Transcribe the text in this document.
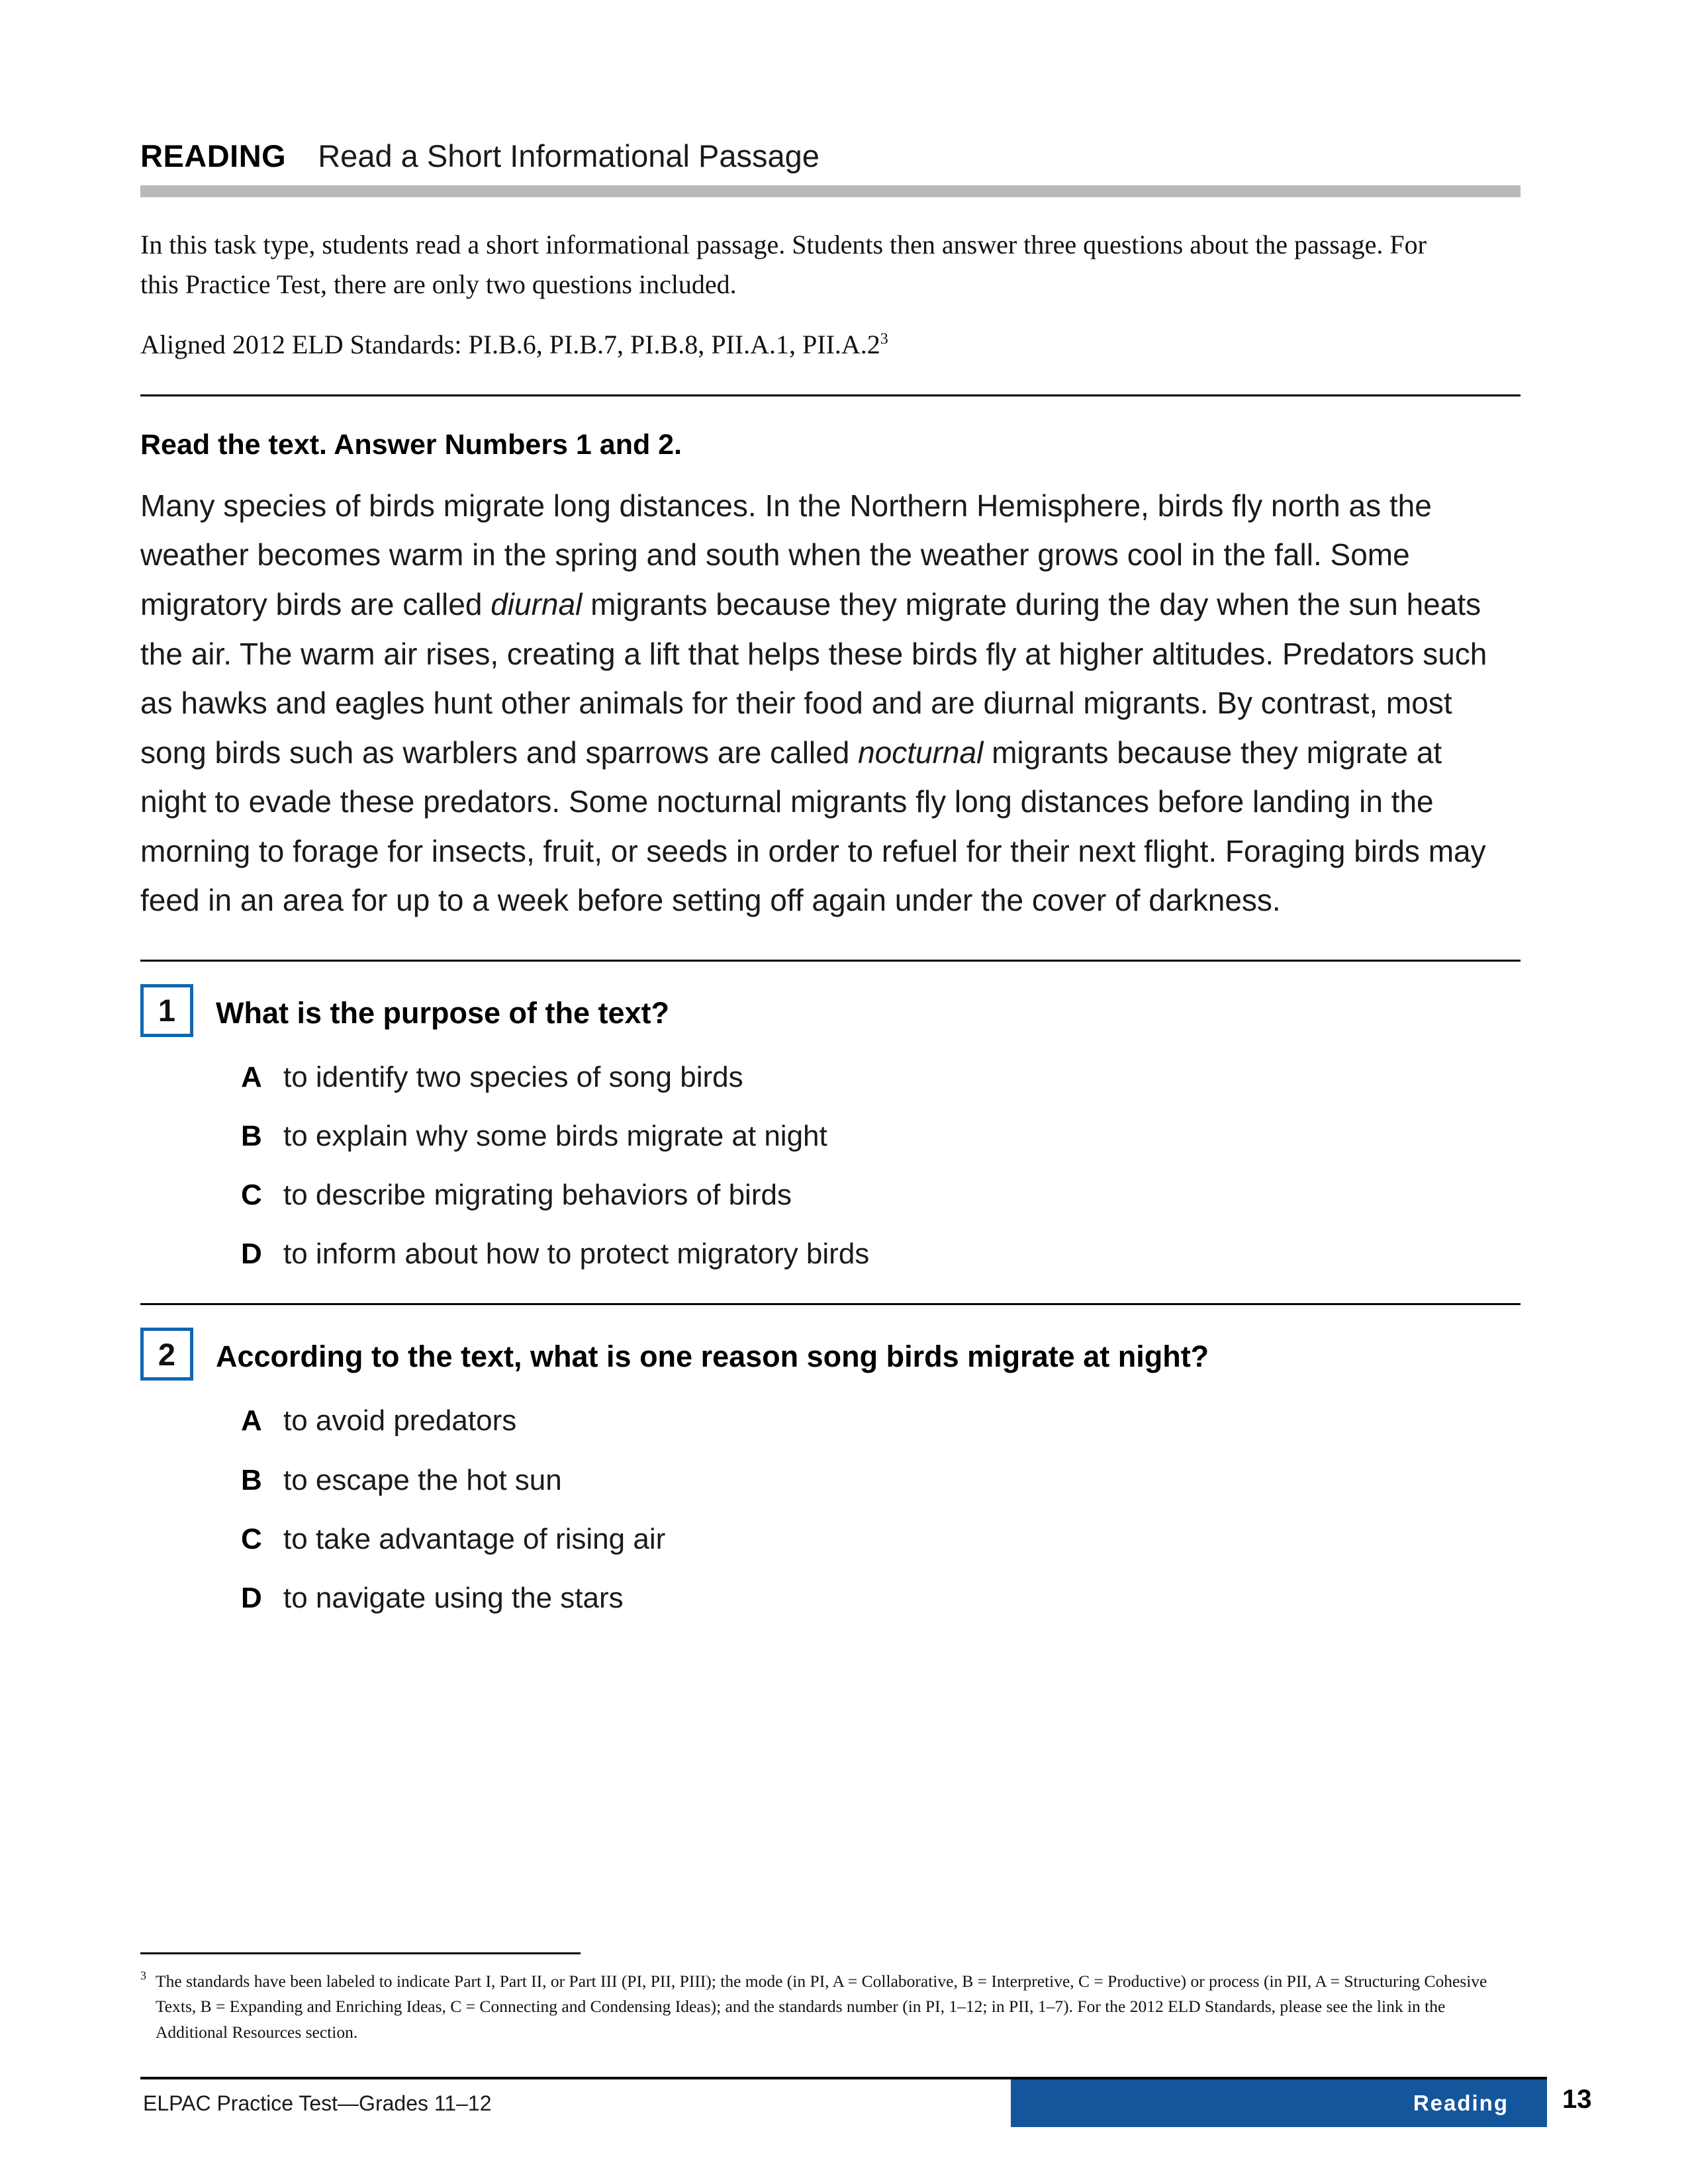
READING Read a Short Informational Passage

In this task type, students read a short informational passage. Students then answer three questions about the passage. For this Practice Test, there are only two questions included.

Aligned 2012 ELD Standards: PI.B.6, PI.B.7, PI.B.8, PII.A.1, PII.A.2$^3$

Read the text. Answer Numbers 1 and 2.
Many species of birds migrate long distances. In the Northern Hemisphere, birds fly north as the weather becomes warm in the spring and south when the weather grows cool in the fall. Some migratory birds are called diurnal migrants because they migrate during the day when the sun heats the air. The warm air rises, creating a lift that helps these birds fly at higher altitudes. Predators such as hawks and eagles hunt other animals for their food and are diurnal migrants. By contrast, most song birds such as warblers and sparrows are called nocturnal migrants because they migrate at night to evade these predators. Some nocturnal migrants fly long distances before landing in the morning to forage for insects, fruit, or seeds in order to refuel for their next flight. Foraging birds may feed in an area for up to a week before setting off again under the cover of darkness.
1	What is the purpose of the text?
A to identify two species of song birds
B to explain why some birds migrate at night
C to describe migrating behaviors of birds
D to inform about how to protect migratory birds
2	According to the text, what is one reason song birds migrate at night?
A to avoid predators
B to escape the hot sun
C to take advantage of rising air
D to navigate using the stars
3 The standards have been labeled to indicate Part I, Part II, or Part III (PI, PII, PIII); the mode (in PI, A = Collaborative, B = Interpretive, C = Productive) or process (in PII, A = Structuring Cohesive Texts, B = Expanding and Enriching Ideas, C = Connecting and Condensing Ideas); and the standards number (in PI, 1–12; in PII, 1–7). For the 2012 ELD Standards, please see the link in the Additional Resources section.
ELPAC Practice Test—Grades 11–12	Reading	13
